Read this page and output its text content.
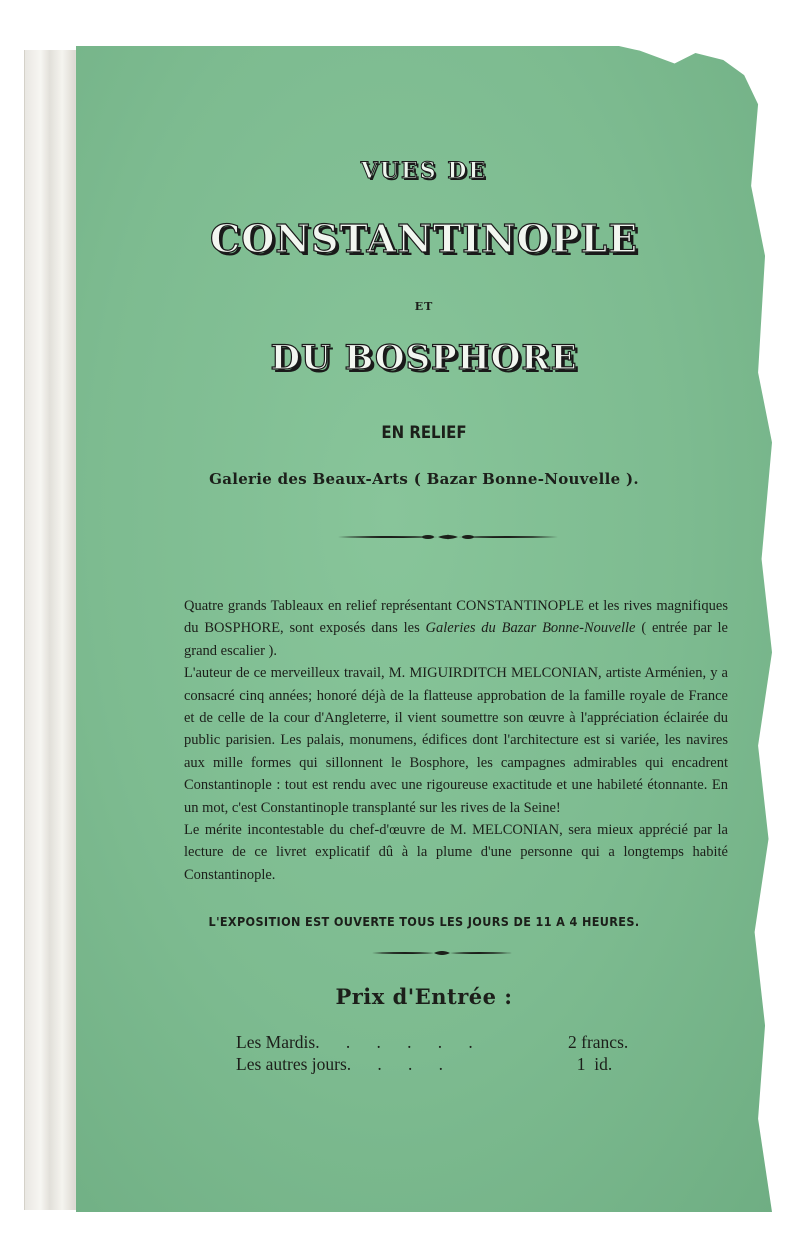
VUES DE
CONSTANTINOPLE
ET
DU BOSPHORE
EN RELIEF
Galerie des Beaux-Arts ( Bazar Bonne-Nouvelle ).

Quatre grands Tableaux en relief représentant CONSTANTINOPLE et les rives magnifiques du BOSPHORE, sont exposés dans les Galeries du Bazar Bonne-Nouvelle ( entrée par le grand escalier ).

L'auteur de ce merveilleux travail, M. MIGUIRDITCH MELCONIAN, artiste Arménien, y a consacré cinq années; honoré déjà de la flatteuse approbation de la famille royale de France et de celle de la cour d'Angleterre, il vient soumettre son œuvre à l'appréciation éclairée du public parisien. Les palais, monumens, édifices dont l'architecture est si variée, les navires aux mille formes qui sillonnent le Bosphore, les campagnes admirables qui encadrent Constantinople : tout est rendu avec une rigoureuse exactitude et une habileté étonnante. En un mot, c'est Constantinople transplanté sur les rives de la Seine!

Le mérite incontestable du chef-d'œuvre de M. MELCONIAN, sera mieux apprécié par la lecture de ce livret explicatif dû à la plume d'une personne qui a longtemps habité Constantinople.

L'EXPOSITION EST OUVERTE TOUS LES JOURS DE 11 A 4 HEURES.
Prix d'Entrée :
Les Mardis.      .      .      .      .      .	2 francs.
Les autres jours.      .      .      .	1  id.
